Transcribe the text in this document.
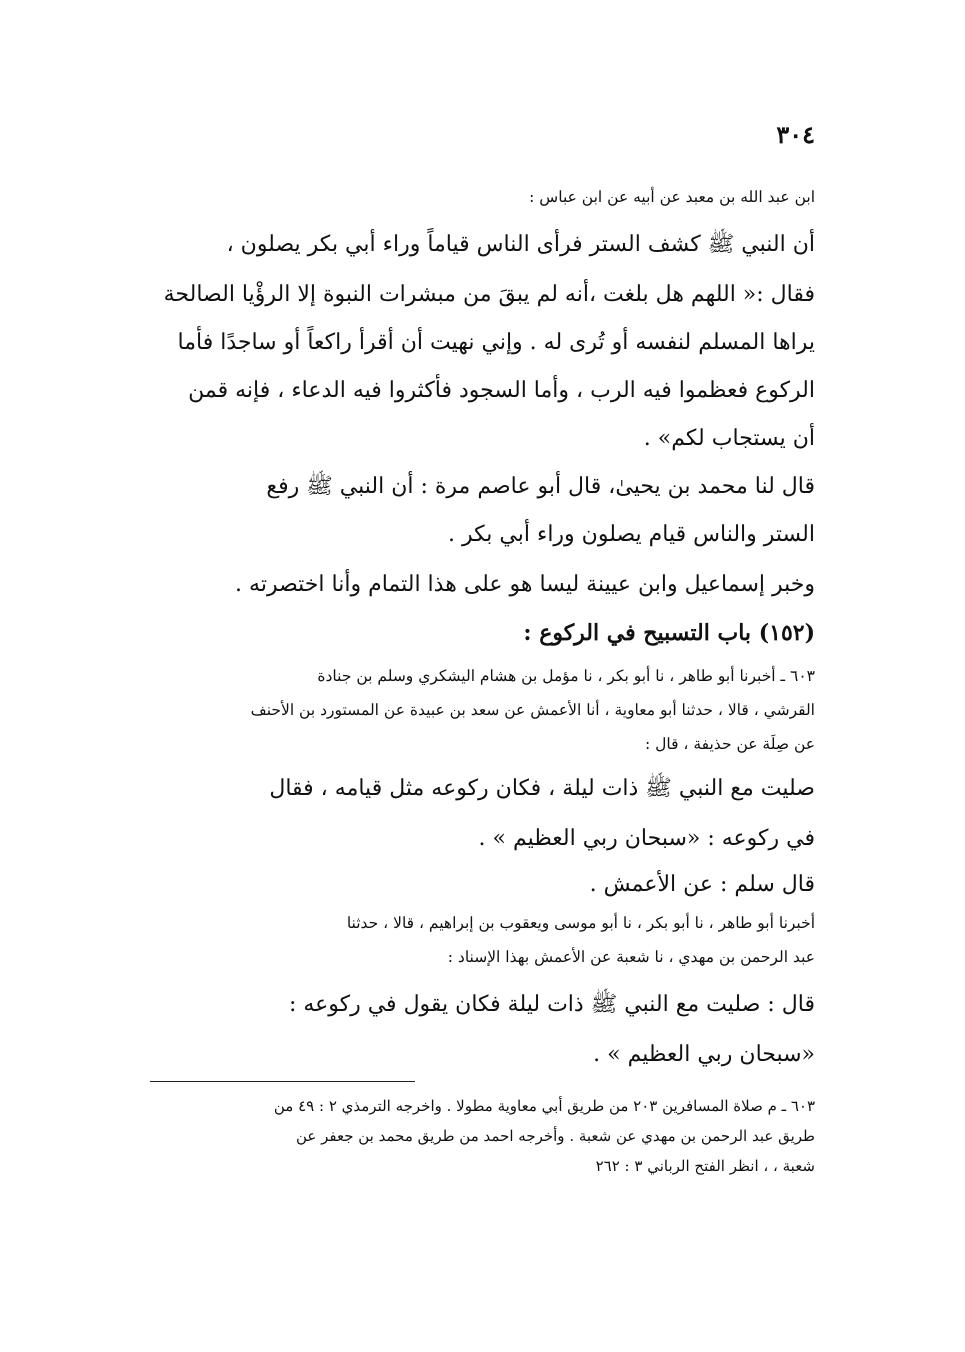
٣٠٤
ابن عبد الله بن معبد عن أبيه عن ابن عباس :
أن النبي ﷺ كشف الستر فرأى الناس قياماً وراء أبي بكر يصلون ،
فقال :« اللهم هل بلغت ،أنه لم يبقَ من مبشرات النبوة إلا الرؤْيا الصالحة
يراها المسلم لنفسه أو تُرى له . وإني نهيت أن أقرأ راكعاً أو ساجدًا فأما
الركوع فعظموا فيه الرب ، وأما السجود فأكثروا فيه الدعاء ، فإنه قمن
أن يستجاب لكم» .
قال لنا محمد بن يحيىٰ، قال أبو عاصم مرة : أن النبي ﷺ رفع
الستر والناس قيام يصلون وراء أبي بكر .
وخبر إسماعيل وابن عيينة ليسا هو على هذا التمام وأنا اختصرته .
(١٥٢) باب التسبيح في الركوع :
٦٠٣ ـ أخبرنا أبو طاهر ، نا أبو بكر ، نا مؤمل بن هشام اليشكري وسلم بن جنادة
القرشي ، قالا ، حدثنا أبو معاوية ، أنا الأعمش عن سعد بن عبيدة عن المستورد بن الأحنف
عن صِلَة عن حذيفة ، قال :
صليت مع النبي ﷺ ذات ليلة ، فكان ركوعه مثل قيامه ، فقال
في ركوعه : «سبحان ربي العظيم » .
قال سلم : عن الأعمش .
أخبرنا أبو طاهر ، نا أبو بكر ، نا أبو موسى ويعقوب بن إبراهيم ، قالا ، حدثنا
عبد الرحمن بن مهدي ، نا شعبة عن الأعمش بهذا الإسناد :
قال : صليت مع النبي ﷺ ذات ليلة فكان يقول في ركوعه :
«سبحان ربي العظيم » .
٦٠٣ ـ م صلاة المسافرين ٢٠٣ من طريق أبي معاوية مطولا . واخرجه الترمذي ٢ : ٤٩ من
طريق عبد الرحمن بن مهدي عن شعبة . وأخرجه احمد من طريق محمد بن جعفر عن
شعبة ، ، انظر الفتح الرباني ٣ : ٢٦٢
